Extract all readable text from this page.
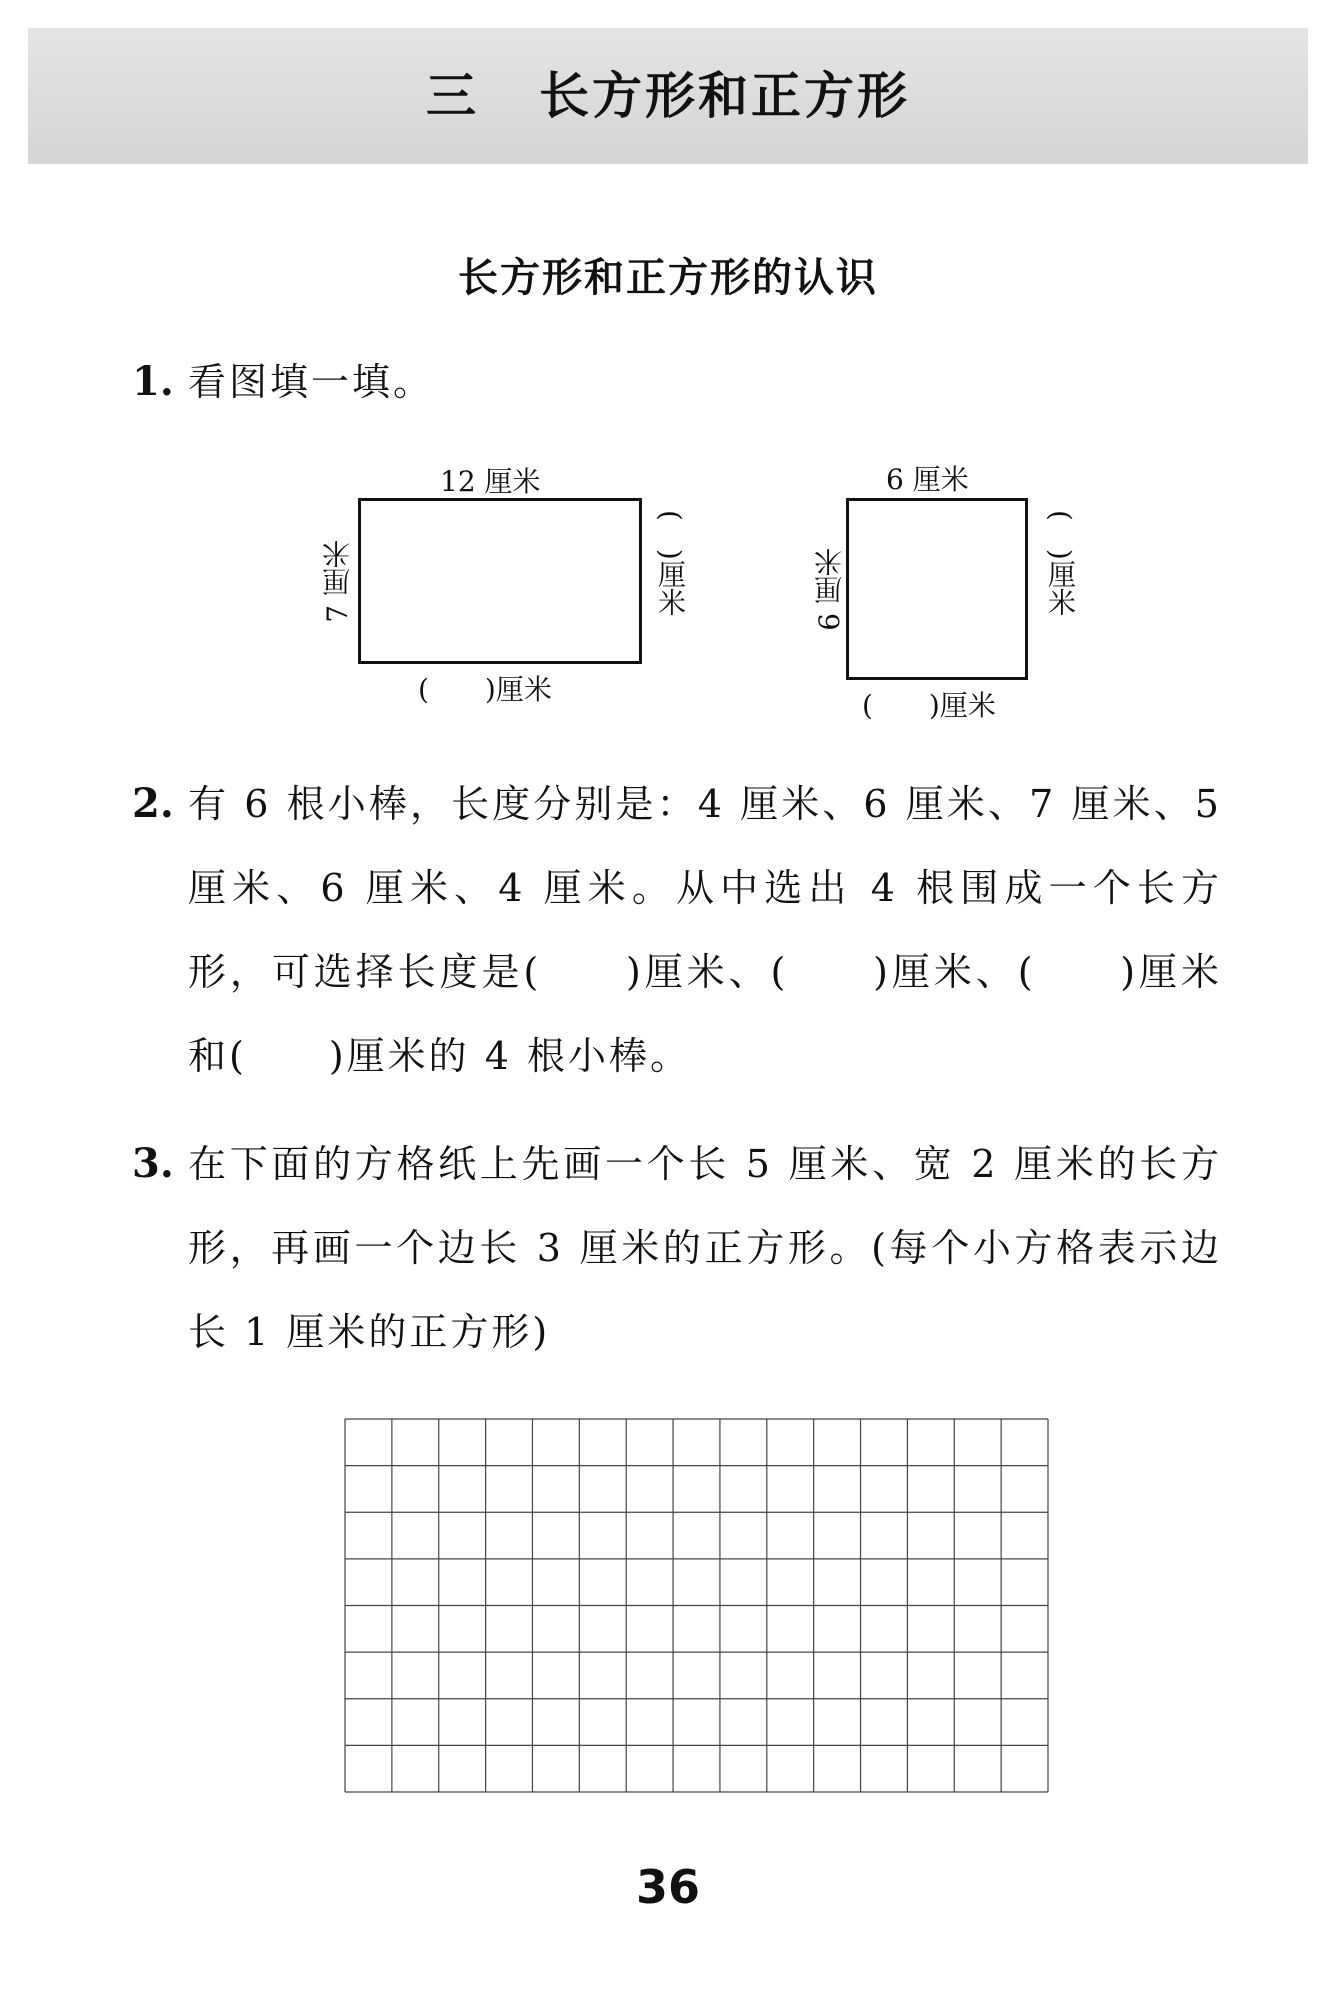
三 长方形和正方形
长方形和正方形的认识
1. 看图填一填。
12 厘米
7 厘米	(　)厘米
(　　)厘米
6 厘米
6 厘米	(　)厘米
(　　)厘米
2. 有 6 根小棒，长度分别是：4 厘米、6 厘米、7 厘米、5 厘米、6 厘米、4 厘米。从中选出 4 根围成一个长方形，可选择长度是(　　)厘米、(　　)厘米、(　　)厘米和(　　)厘米的 4 根小棒。
3. 在下面的方格纸上先画一个长 5 厘米、宽 2 厘米的长方形，再画一个边长 3 厘米的正方形。(每个小方格表示边长 1 厘米的正方形)
36
